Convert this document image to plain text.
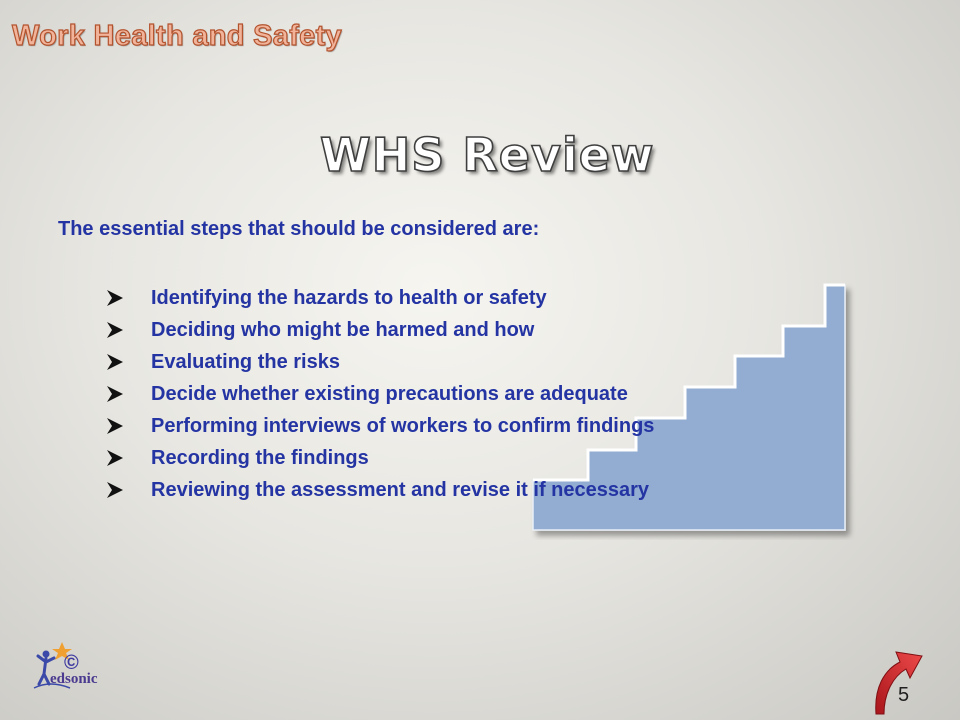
Work Health and Safety
WHS Review
The essential steps that should be considered are:
Identifying the hazards to health or safety
Deciding who might be harmed and how
Evaluating the risks
Decide whether existing precautions are adequate
Performing interviews of workers to confirm findings
Recording the findings
Reviewing the assessment and revise it if necessary
©
edsonic
5
